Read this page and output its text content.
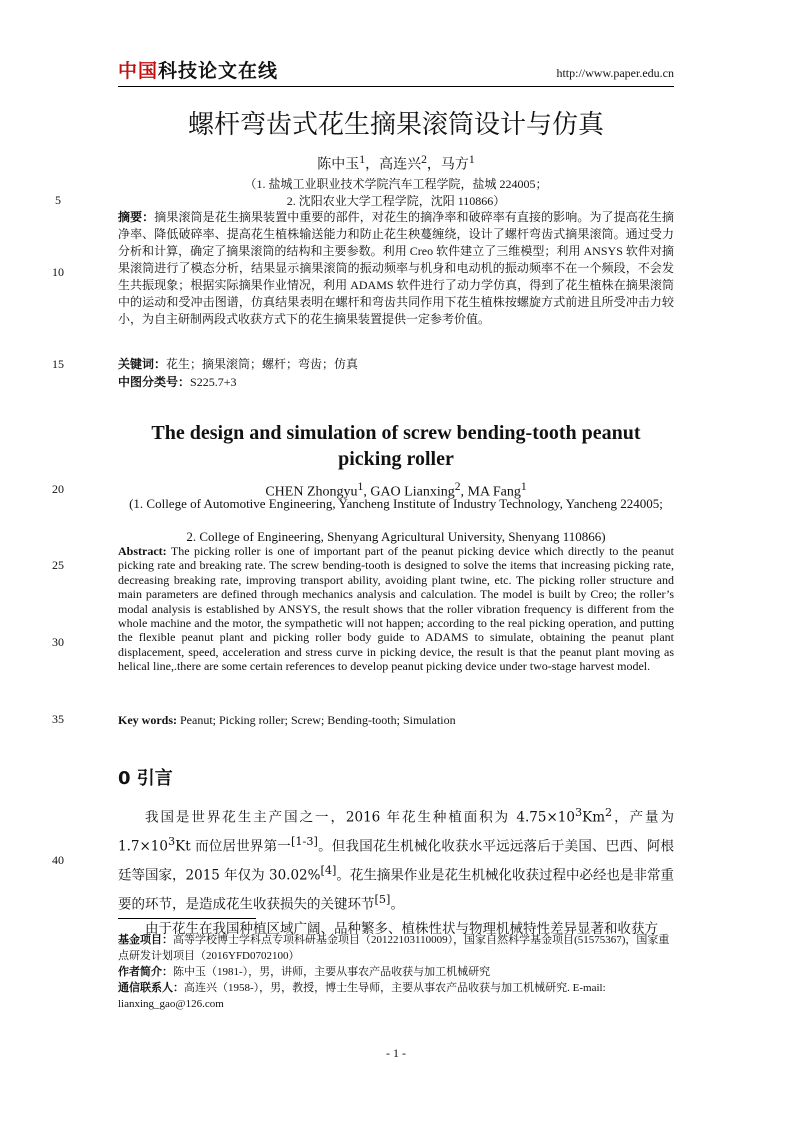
中国科技论文在线	http://www.paper.edu.cn
螺杆弯齿式花生摘果滚筒设计与仿真
陈中玉$^1$，高连兴$^2$，马方$^1$
（1. 盐城工业职业技术学院汽车工程学院，盐城 224005；
2. 沈阳农业大学工程学院，沈阳 110866）
5
10
15
20
25
30
35
40
摘要：摘果滚筒是花生摘果装置中重要的部件，对花生的摘净率和破碎率有直接的影响。为了提高花生摘净率、降低破碎率、提高花生植株输送能力和防止花生秧蔓缠绕，设计了螺杆弯齿式摘果滚筒。通过受力分析和计算，确定了摘果滚筒的结构和主要参数。利用 Creo 软件建立了三维模型；利用 ANSYS 软件对摘果滚筒进行了模态分析，结果显示摘果滚筒的振动频率与机身和电动机的振动频率不在一个频段，不会发生共振现象；根据实际摘果作业情况，利用 ADAMS 软件进行了动力学仿真，得到了花生植株在摘果滚筒中的运动和受冲击图谱，仿真结果表明在螺杆和弯齿共同作用下花生植株按螺旋方式前进且所受冲击力较小，为自主研制两段式收获方式下的花生摘果装置提供一定参考价值。
关键词：花生；摘果滚筒；螺杆；弯齿；仿真
中图分类号：S225.7+3
The design and simulation of screw bending-tooth peanut picking roller
CHEN Zhongyu$^1$, GAO Lianxing$^2$, MA Fang$^1$
(1. College of Automotive Engineering, Yancheng Institute of Industry Technology, Yancheng 224005;
2. College of Engineering, Shenyang Agricultural University, Shenyang 110866)
Abstract: The picking roller is one of important part of the peanut picking device which directly to the peanut picking rate and breaking rate. The screw bending-tooth is designed to solve the items that increasing picking rate, decreasing breaking rate, improving transport ability, avoiding plant twine, etc. The picking roller structure and main parameters are defined through mechanics analysis and calculation. The model is built by Creo; the roller’s modal analysis is established by ANSYS, the result shows that the roller vibration frequency is different from the whole machine and the motor, the sympathetic will not happen; according to the real picking operation, and putting the flexible peanut plant and picking roller body guide to ADAMS to simulate, obtaining the peanut plant displacement, speed, acceleration and stress curve in picking device, the result is that the peanut plant moving as helical line,.there are some certain references to develop peanut picking device under two-stage harvest model.
Key words: Peanut; Picking roller; Screw; Bending-tooth; Simulation
0 引言

我国是世界花生主产国之一，2016 年花生种植面积为 $4.75\times 10^3Km^2$，产量为 $1.7\times 10^3Kt$ 而位居世界第一[1-3]。但我国花生机械化收获水平远远落后于美国、巴西、阿根廷等国家，2015 年仅为 30.02%[4]。花生摘果作业是花生机械化收获过程中必经也是非常重要的环节，是造成花生收获损失的关键环节[5]。

由于花生在我国种植区域广阔、品种繁多、植株性状与物理机械特性差异显著和收获方

基金项目：高等学校博士学科点专项科研基金项目（20122103110009），国家自然科学基金项目(51575367)，国家重点研发计划项目（2016YFD0702100）
作者简介：陈中玉（1981-），男，讲师，主要从事农产品收获与加工机械研究
通信联系人：高连兴（1958-），男，教授，博士生导师，主要从事农产品收获与加工机械研究. E-mail: lianxing_gao@126.com
- 1 -
